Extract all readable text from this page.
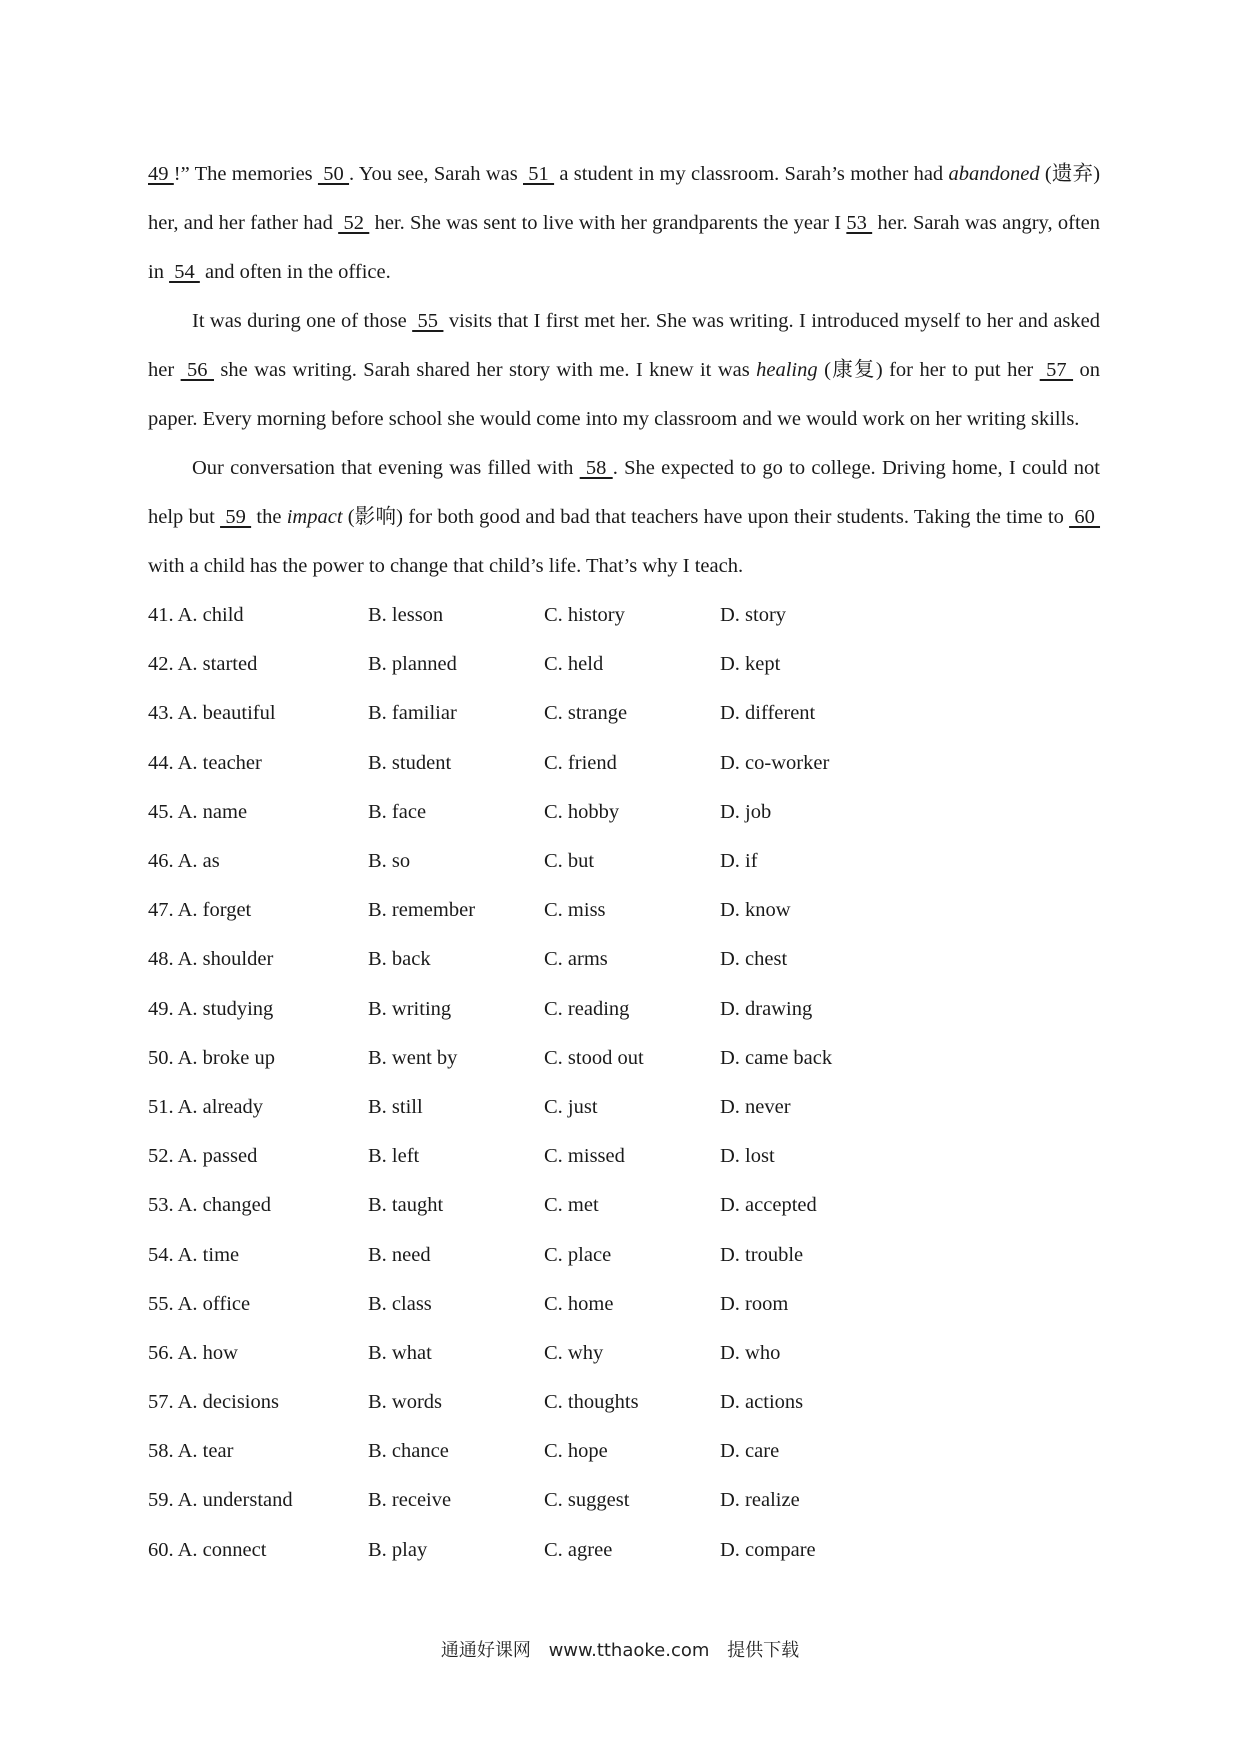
49 !” The memories  50 . You see, Sarah was  51  a student in my classroom. Sarah’s mother had abandoned (遗弃) her, and her father had  52  her. She was sent to live with her grandparents the year I 53  her. Sarah was angry, often in  54  and often in the office.

It was during one of those  55  visits that I first met her. She was writing. I introduced myself to her and asked her  56  she was writing. Sarah shared her story with me. I knew it was healing (康复) for her to put her  57  on paper. Every morning before school she would come into my classroom and we would work on her writing skills.

Our conversation that evening was filled with  58 . She expected to go to college. Driving home, I could not help but  59  the impact (影响) for both good and bad that teachers have upon their students. Taking the time to  60  with a child has the power to change that child’s life. That’s why I teach.

41. A. child	B. lesson	C. history	D. story
42. A. started	B. planned	C. held	D. kept
43. A. beautiful	B. familiar	C. strange	D. different
44. A. teacher	B. student	C. friend	D. co-worker
45. A. name	B. face	C. hobby	D. job
46. A. as	B. so	C. but	D. if
47. A. forget	B. remember	C. miss	D. know
48. A. shoulder	B. back	C. arms	D. chest
49. A. studying	B. writing	C. reading	D. drawing
50. A. broke up	B. went by	C. stood out	D. came back
51. A. already	B. still	C. just	D. never
52. A. passed	B. left	C. missed	D. lost
53. A. changed	B. taught	C. met	D. accepted
54. A. time	B. need	C. place	D. trouble
55. A. office	B. class	C. home	D. room
56. A. how	B. what	C. why	D. who
57. A. decisions	B. words	C. thoughts	D. actions
58. A. tear	B. chance	C. hope	D. care
59. A. understand	B. receive	C. suggest	D. realize
60. A. connect	B. play	C. agree	D. compare
通通好课网 www.tthaoke.com 提供下载
